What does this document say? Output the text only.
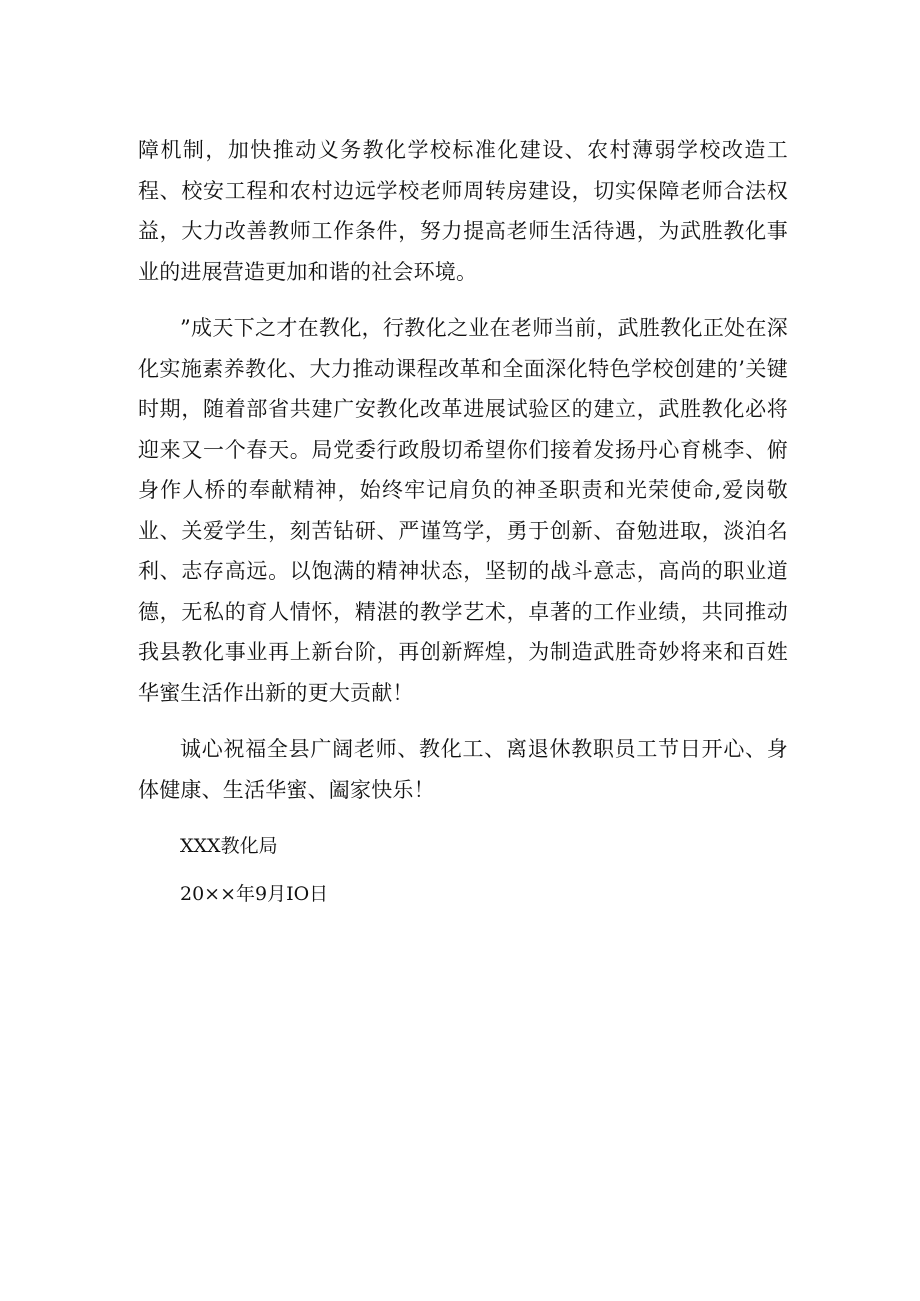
障机制，加快推动义务教化学校标准化建设、农村薄弱学校改造工程、校安工程和农村边远学校老师周转房建设，切实保障老师合法权益，大力改善教师工作条件，努力提高老师生活待遇，为武胜教化事业的进展营造更加和谐的社会环境。

”成天下之才在教化，行教化之业在老师当前，武胜教化正处在深化实施素养教化、大力推动课程改革和全面深化特色学校创建的’关键时期，随着部省共建广安教化改革进展试验区的建立，武胜教化必将迎来又一个春天。局党委行政殷切希望你们接着发扬丹心育桃李、俯身作人桥的奉献精神，始终牢记肩负的神圣职责和光荣使命,爱岗敬业、关爱学生，刻苦钻研、严谨笃学，勇于创新、奋勉进取，淡泊名利、志存高远。以饱满的精神状态，坚韧的战斗意志，高尚的职业道德，无私的育人情怀，精湛的教学艺术，卓著的工作业绩，共同推动我县教化事业再上新台阶，再创新辉煌，为制造武胜奇妙将来和百姓华蜜生活作出新的更大贡献！

诚心祝福全县广阔老师、教化工、离退休教职员工节日开心、身体健康、生活华蜜、阖家快乐！

XXX教化局

20××年9月IO日
